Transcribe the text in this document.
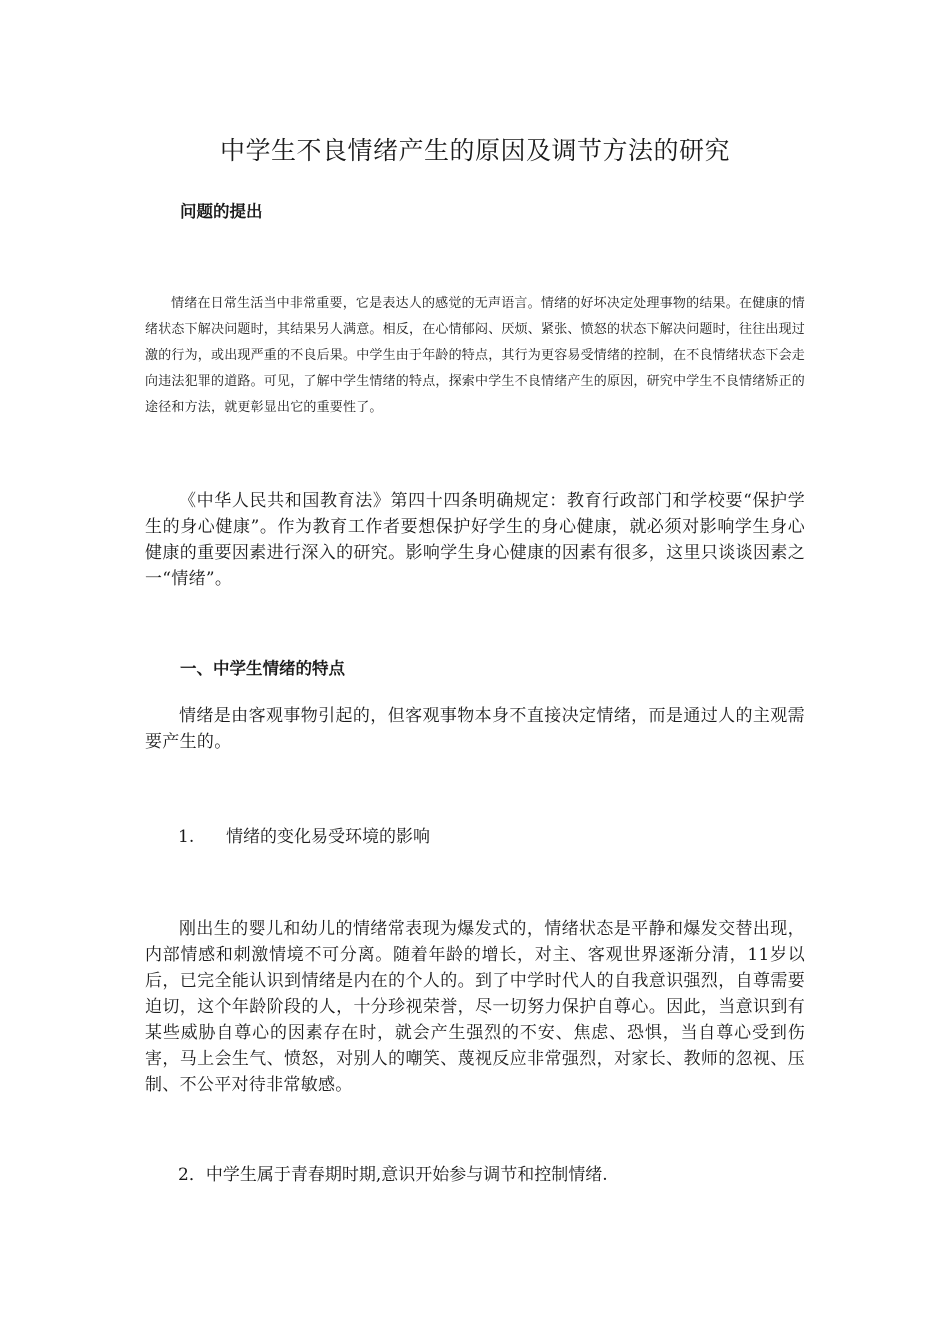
中学生不良情绪产生的原因及调节方法的研究
问题的提出

情绪在日常生活当中非常重要，它是表达人的感觉的无声语言。情绪的好坏决定处理事物的结果。在健康的情绪状态下解决问题时，其结果另人满意。相反，在心情郁闷、厌烦、紧张、愤怒的状态下解决问题时，往往出现过激的行为，或出现严重的不良后果。中学生由于年龄的特点，其行为更容易受情绪的控制，在不良情绪状态下会走向违法犯罪的道路。可见，了解中学生情绪的特点，探索中学生不良情绪产生的原因，研究中学生不良情绪矫正的途径和方法，就更彰显出它的重要性了。

《中华人民共和国教育法》第四十四条明确规定：教育行政部门和学校要“保护学生的身心健康”。作为教育工作者要想保护好学生的身心健康，就必须对影响学生身心健康的重要因素进行深入的研究。影响学生身心健康的因素有很多，这里只谈谈因素之一“情绪”。

一、中学生情绪的特点

情绪是由客观事物引起的，但客观事物本身不直接决定情绪，而是通过人的主观需要产生的。

1. 情绪的变化易受环境的影响

刚出生的婴儿和幼儿的情绪常表现为爆发式的，情绪状态是平静和爆发交替出现，内部情感和刺激情境不可分离。随着年龄的增长，对主、客观世界逐渐分清，11岁以后，已完全能认识到情绪是内在的个人的。到了中学时代人的自我意识强烈，自尊需要迫切，这个年龄阶段的人，十分珍视荣誉，尽一切努力保护自尊心。因此，当意识到有某些威胁自尊心的因素存在时，就会产生强烈的不安、焦虑、恐惧，当自尊心受到伤害，马上会生气、愤怒，对别人的嘲笑、蔑视反应非常强烈，对家长、教师的忽视、压制、不公平对待非常敏感。

2．中学生属于青春期时期,意识开始参与调节和控制情绪.
